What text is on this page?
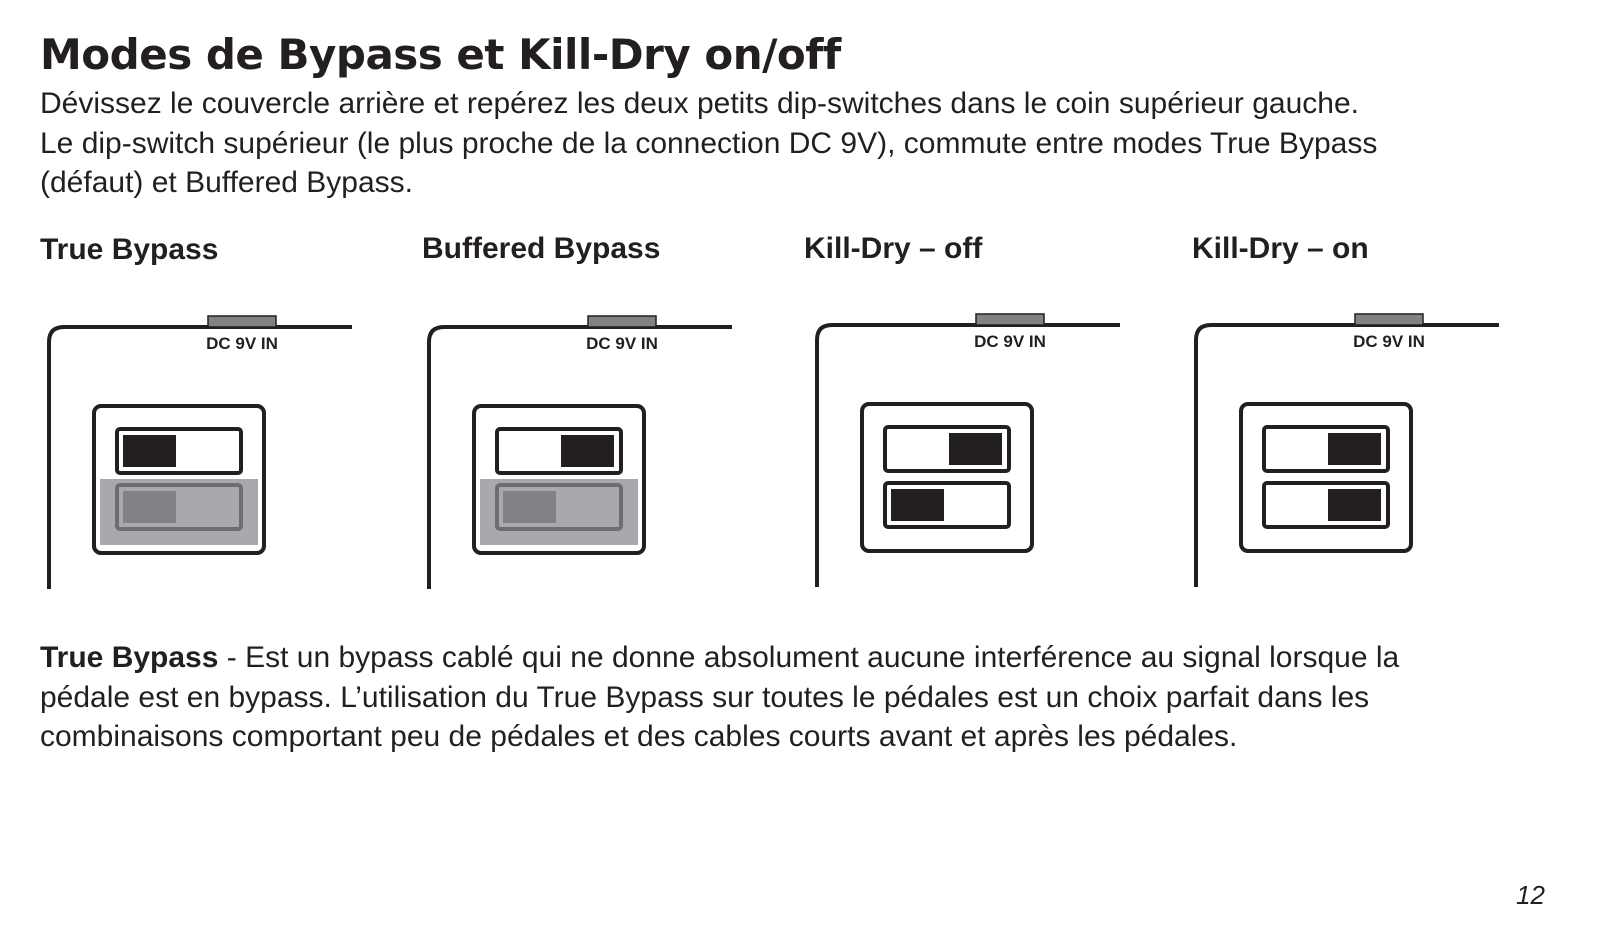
Modes de Bypass et Kill-Dry on/off

Dévissez le couvercle arrière et repérez les deux petits dip-switches dans le coin supérieur gauche.
Le dip-switch supérieur (le plus proche de la connection DC 9V), commute entre modes True Bypass
(défaut) et Buffered Bypass.

True Bypass	Buffered Bypass	Kill-Dry – off	Kill-Dry – on
DC 9V IN	DC 9V IN	DC 9V IN	DC 9V IN

True Bypass - Est un bypass cablé qui ne donne absolument aucune interférence au signal lorsque la
pédale est en bypass. L’utilisation du True Bypass sur toutes le pédales est un choix parfait dans les
combinaisons comportant peu de pédales et des cables courts avant et après les pédales.

12
